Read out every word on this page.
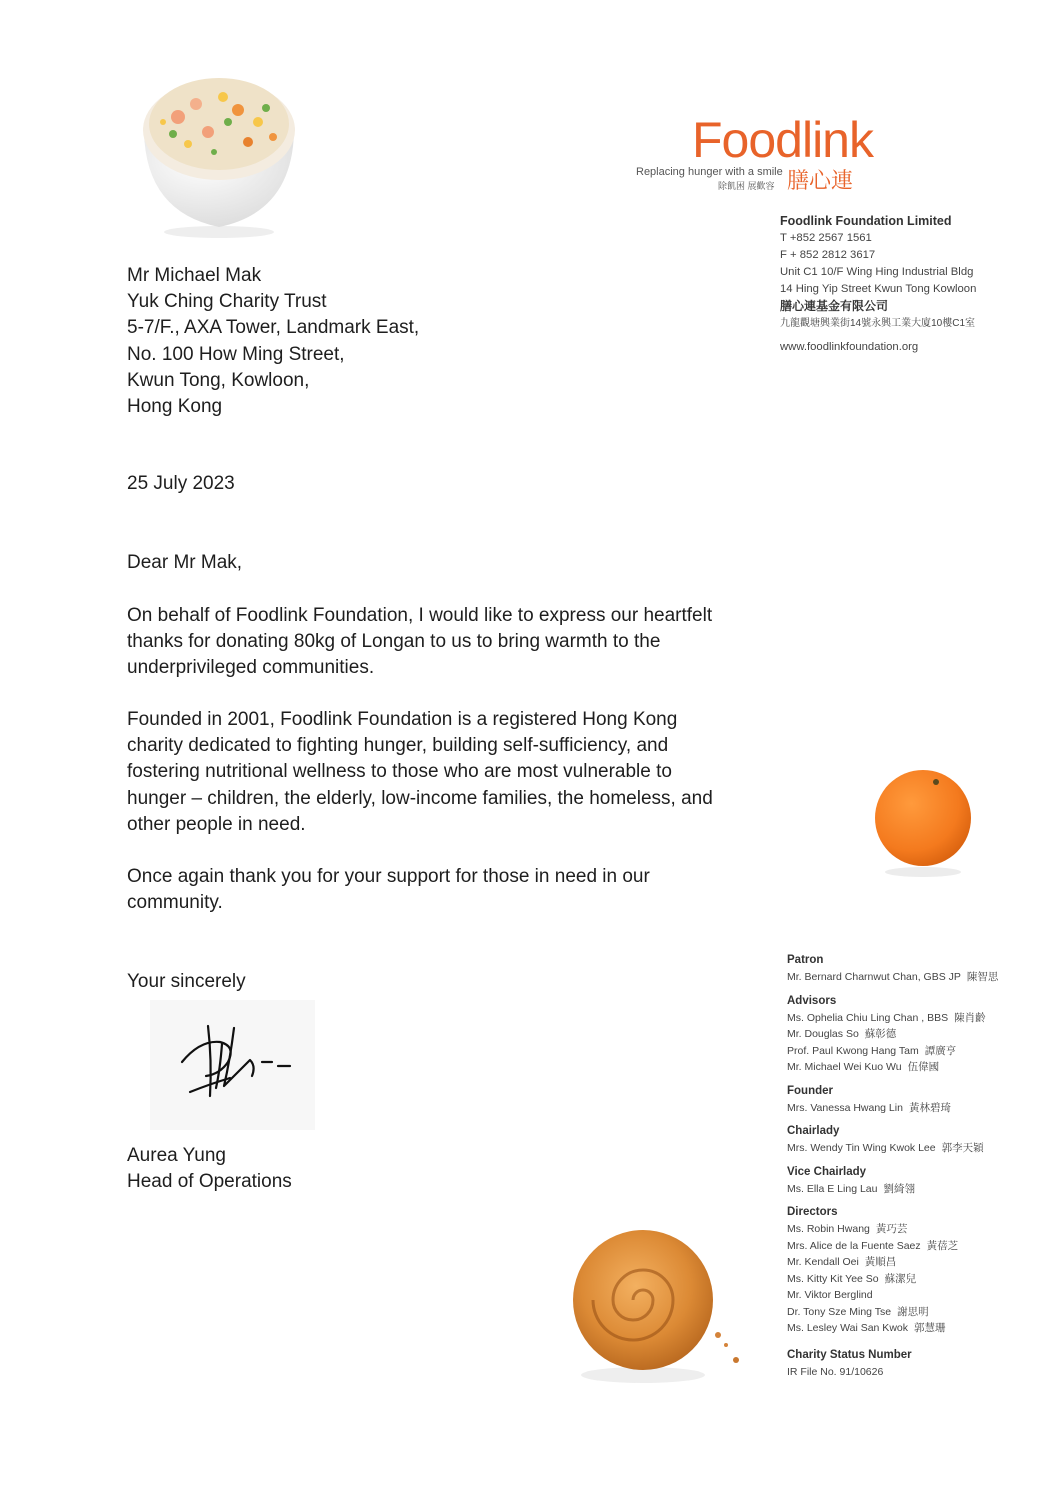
Foodlink
Replacing hunger with a smile
除飢困 展歡容 膳心連
Foodlink Foundation Limited
T +852 2567 1561
F + 852 2812 3617
Unit C1 10/F Wing Hing Industrial Bldg
14 Hing Yip Street Kwun Tong Kowloon
膳心連基金有限公司
九龍觀塘興業街14號永興工業大廈10樓C1室
www.foodlinkfoundation.org

Mr Michael Mak

Yuk Ching Charity Trust

5-7/F., AXA Tower, Landmark East,

No. 100 How Ming Street,

Kwun Tong, Kowloon,

Hong Kong

25 July 2023
Dear Mr Mak,

On behalf of Foodlink Foundation, I would like to express our heartfelt

thanks for donating 80kg of Longan to us to bring warmth to the

underprivileged communities.

Founded in 2001, Foodlink Foundation is a registered Hong Kong

charity dedicated to fighting hunger, building self-sufficiency, and

fostering nutritional wellness to those who are most vulnerable to

hunger – children, the elderly, low-income families, the homeless, and

other people in need.

Once again thank you for your support for those in need in our

community.

Your sincerely

Aurea Yung

Head of Operations

Patron
Mr. Bernard Charnwut Chan, GBS JP 陳智思
Advisors
Ms. Ophelia Chiu Ling Chan , BBS 陳肖齡
Mr. Douglas So 蘇彰德
Prof. Paul Kwong Hang Tam 譚廣亨
Mr. Michael Wei Kuo Wu 伍偉國
Founder
Mrs. Vanessa Hwang Lin 黃林碧琦
Chairlady
Mrs. Wendy Tin Wing Kwok Lee 郭李天穎
Vice Chairlady
Ms. Ella E Ling Lau 劉綺翎
Directors
Ms. Robin Hwang 黃巧芸
Mrs. Alice de la Fuente Saez 黃蓓芝
Mr. Kendall Oei 黃順昌
Ms. Kitty Kit Yee So 蘇潔兒
Mr. Viktor Berglind
Dr. Tony Sze Ming Tse 謝思明
Ms. Lesley Wai San Kwok 郭慧珊
Charity Status Number
IR File No. 91/10626
